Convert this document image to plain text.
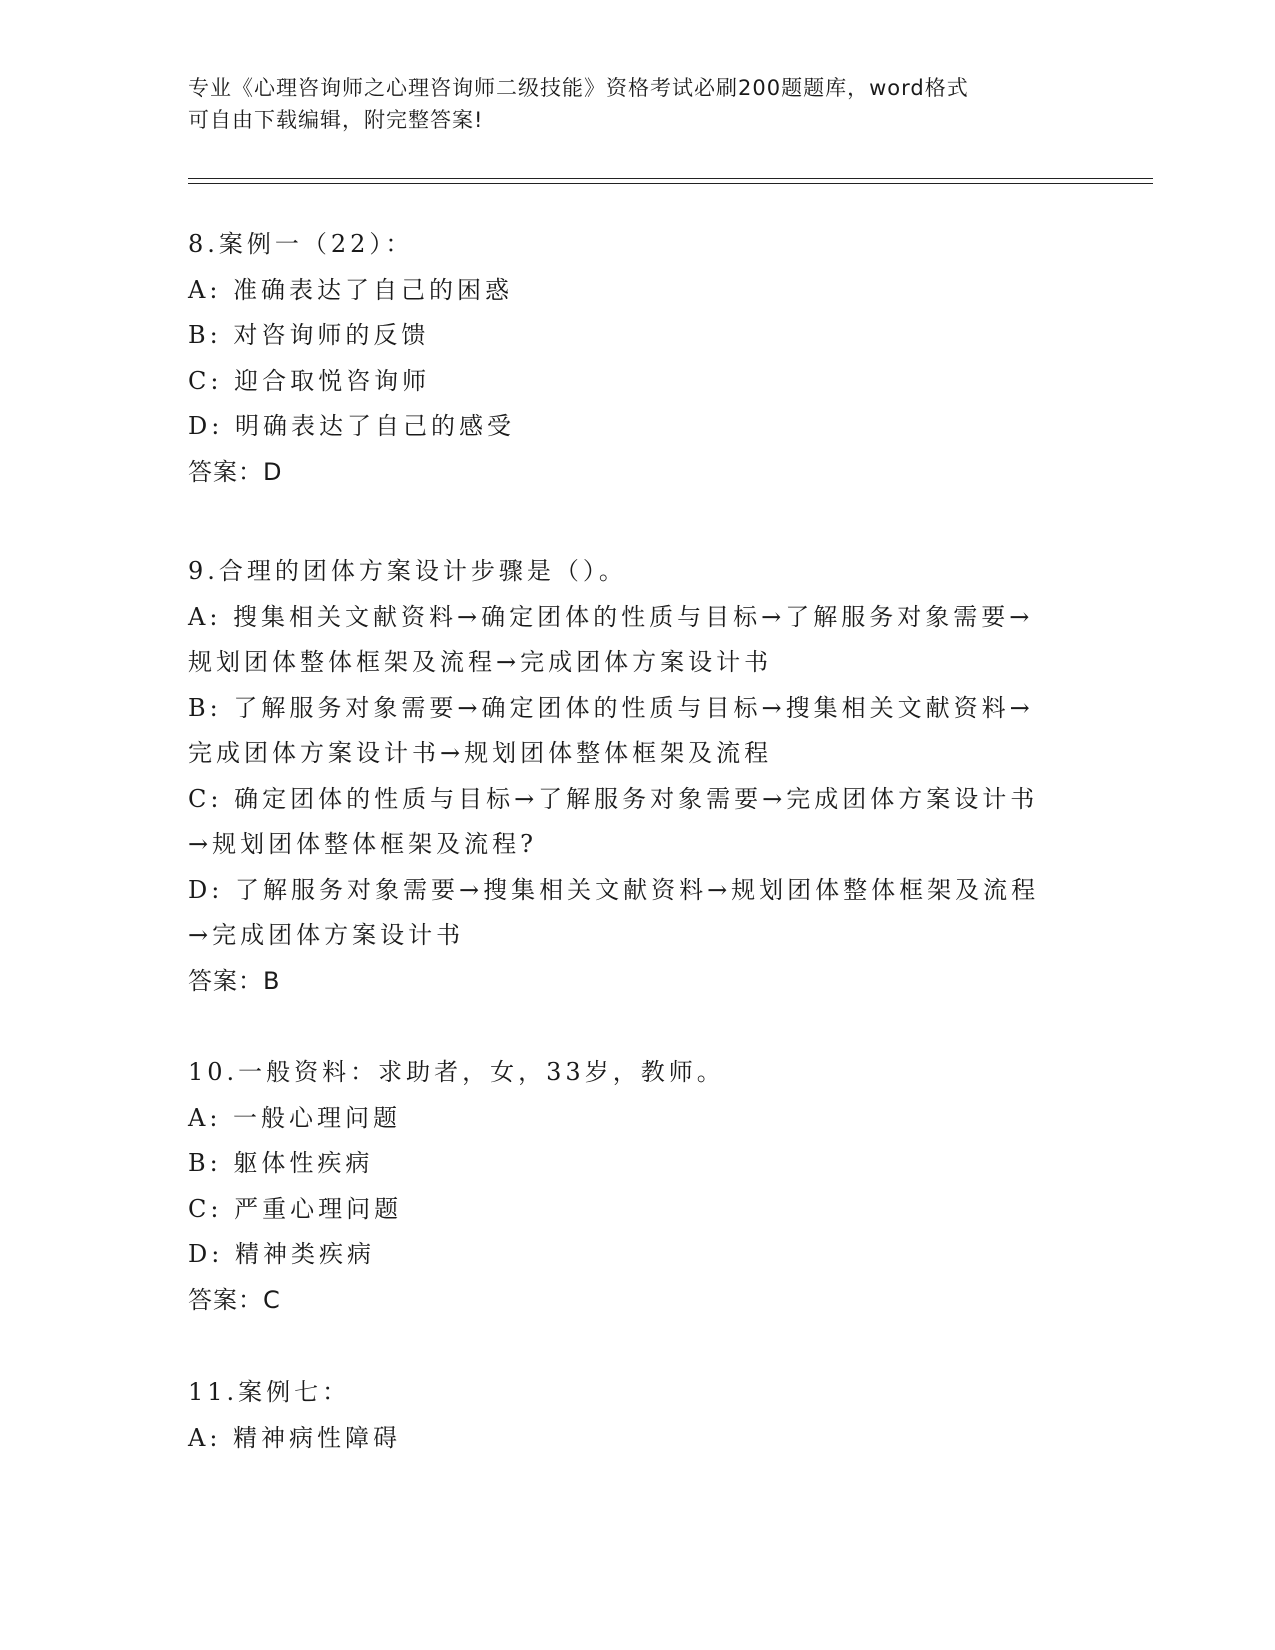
专业《心理咨询师之心理咨询师二级技能》资格考试必刷200题题库，word格式
可自由下载编辑，附完整答案!
8.案例一（22）：
A: 准确表达了自己的困惑
B: 对咨询师的反馈
C: 迎合取悦咨询师
D: 明确表达了自己的感受
答案：D
9.合理的团体方案设计步骤是（）。
A: 搜集相关文献资料→确定团体的性质与目标→了解服务对象需要→
规划团体整体框架及流程→完成团体方案设计书
B: 了解服务对象需要→确定团体的性质与目标→搜集相关文献资料→
完成团体方案设计书→规划团体整体框架及流程
C: 确定团体的性质与目标→了解服务对象需要→完成团体方案设计书
→规划团体整体框架及流程?
D: 了解服务对象需要→搜集相关文献资料→规划团体整体框架及流程
→完成团体方案设计书
答案：B
10.一般资料：求助者，女，33岁，教师。
A: 一般心理问题
B: 躯体性疾病
C: 严重心理问题
D: 精神类疾病
答案：C
11.案例七：
A: 精神病性障碍
